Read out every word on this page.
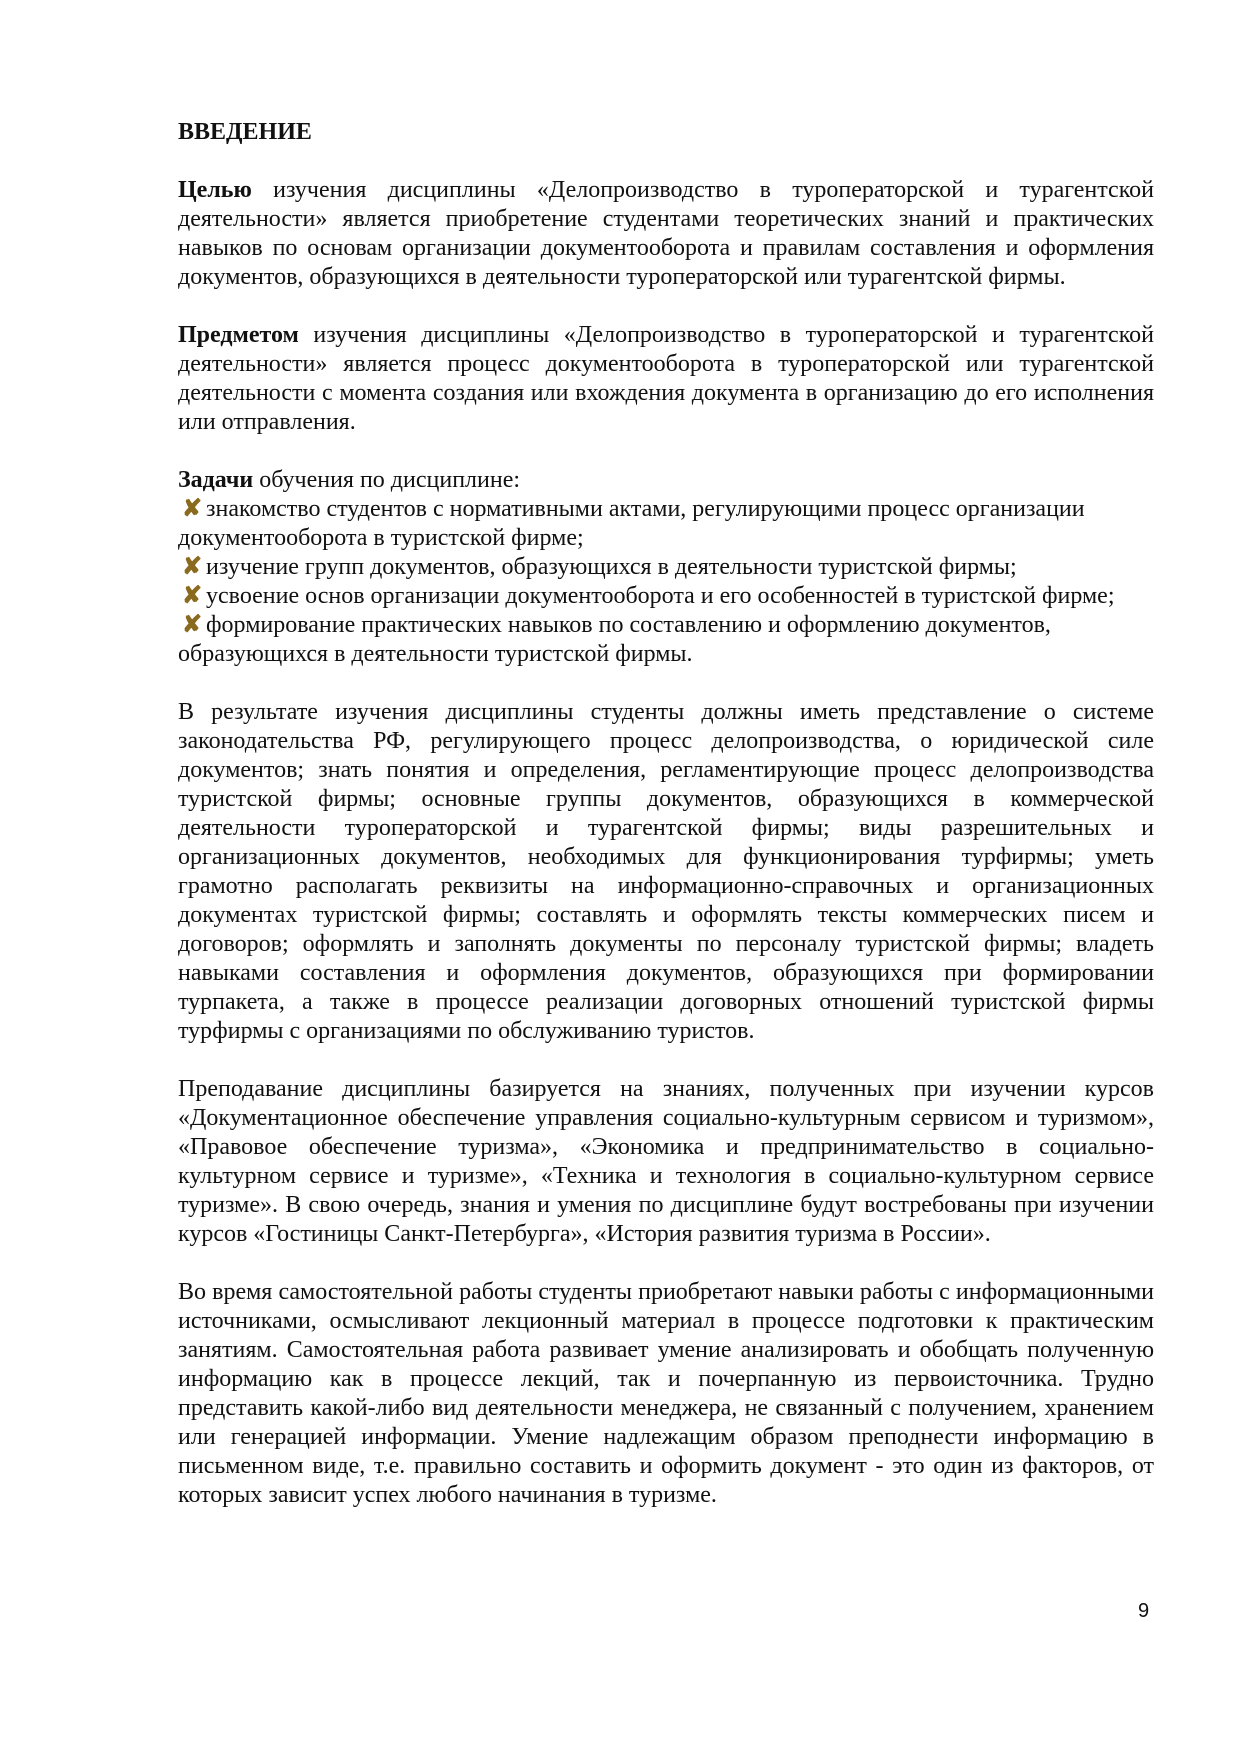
ВВЕДЕНИЕ

Целью изучения дисциплины «Делопроизводство в туроператорской и турагентской деятельности» является приобретение студентами теоретических знаний и практических навыков по основам организации документооборота и правилам составления и оформления документов, образующихся в деятельности туроператорской или турагентской фирмы.

Предметом изучения дисциплины «Делопроизводство в туроператорской и турагентской деятельности» является процесс документооборота в туроператорской или турагентской деятельности с момента создания или вхождения документа в организацию до его исполнения или отправления.

Задачи обучения по дисциплине:

✘ знакомство студентов с нормативными актами, регулирующими процесс организации документооборота в туристской фирме;

✘ изучение групп документов, образующихся в деятельности туристской фирмы;

✘ усвоение основ организации документооборота и его особенностей в туристской фирме;

✘ формирование практических навыков по составлению и оформлению документов, образующихся в деятельности туристской фирмы.

В результате изучения дисциплины студенты должны иметь представление о системе законодательства РФ, регулирующего процесс делопроизводства, о юридической силе документов; знать понятия и определения, регламентирующие процесс делопроизводства туристской фирмы; основные группы документов, образующихся в коммерческой деятельности туроператорской и турагентской фирмы; виды разрешительных и организационных документов, необходимых для функционирования турфирмы; уметь грамотно располагать реквизиты на информационно-справочных и организационных документах туристской фирмы; составлять и оформлять тексты коммерческих писем и договоров; оформлять и заполнять документы по персоналу туристской фирмы; владеть навыками составления и оформления документов, образующихся при формировании турпакета, а также в процессе реализации договорных отношений туристской фирмы турфирмы с организациями по обслуживанию туристов.

Преподавание дисциплины базируется на знаниях, полученных при изучении курсов «Документационное обеспечение управления социально-культурным сервисом и туризмом», «Правовое обеспечение туризма», «Экономика и предпринимательство в социально-культурном сервисе и туризме», «Техника и технология в социально-культурном сервисе туризме». В свою очередь, знания и умения по дисциплине будут востребованы при изучении курсов «Гостиницы Санкт-Петербурга», «История развития туризма в России».

Во время самостоятельной работы студенты приобретают навыки работы с информационными источниками, осмысливают лекционный материал в процессе подготовки к практическим занятиям. Самостоятельная работа развивает умение анализировать и обобщать полученную информацию как в процессе лекций, так и почерпанную из первоисточника. Трудно представить какой-либо вид деятельности менеджера, не связанный с получением, хранением или генерацией информации. Умение надлежащим образом преподнести информацию в письменном виде, т.е. правильно составить и оформить документ - это один из факторов, от которых зависит успех любого начинания в туризме.

9
